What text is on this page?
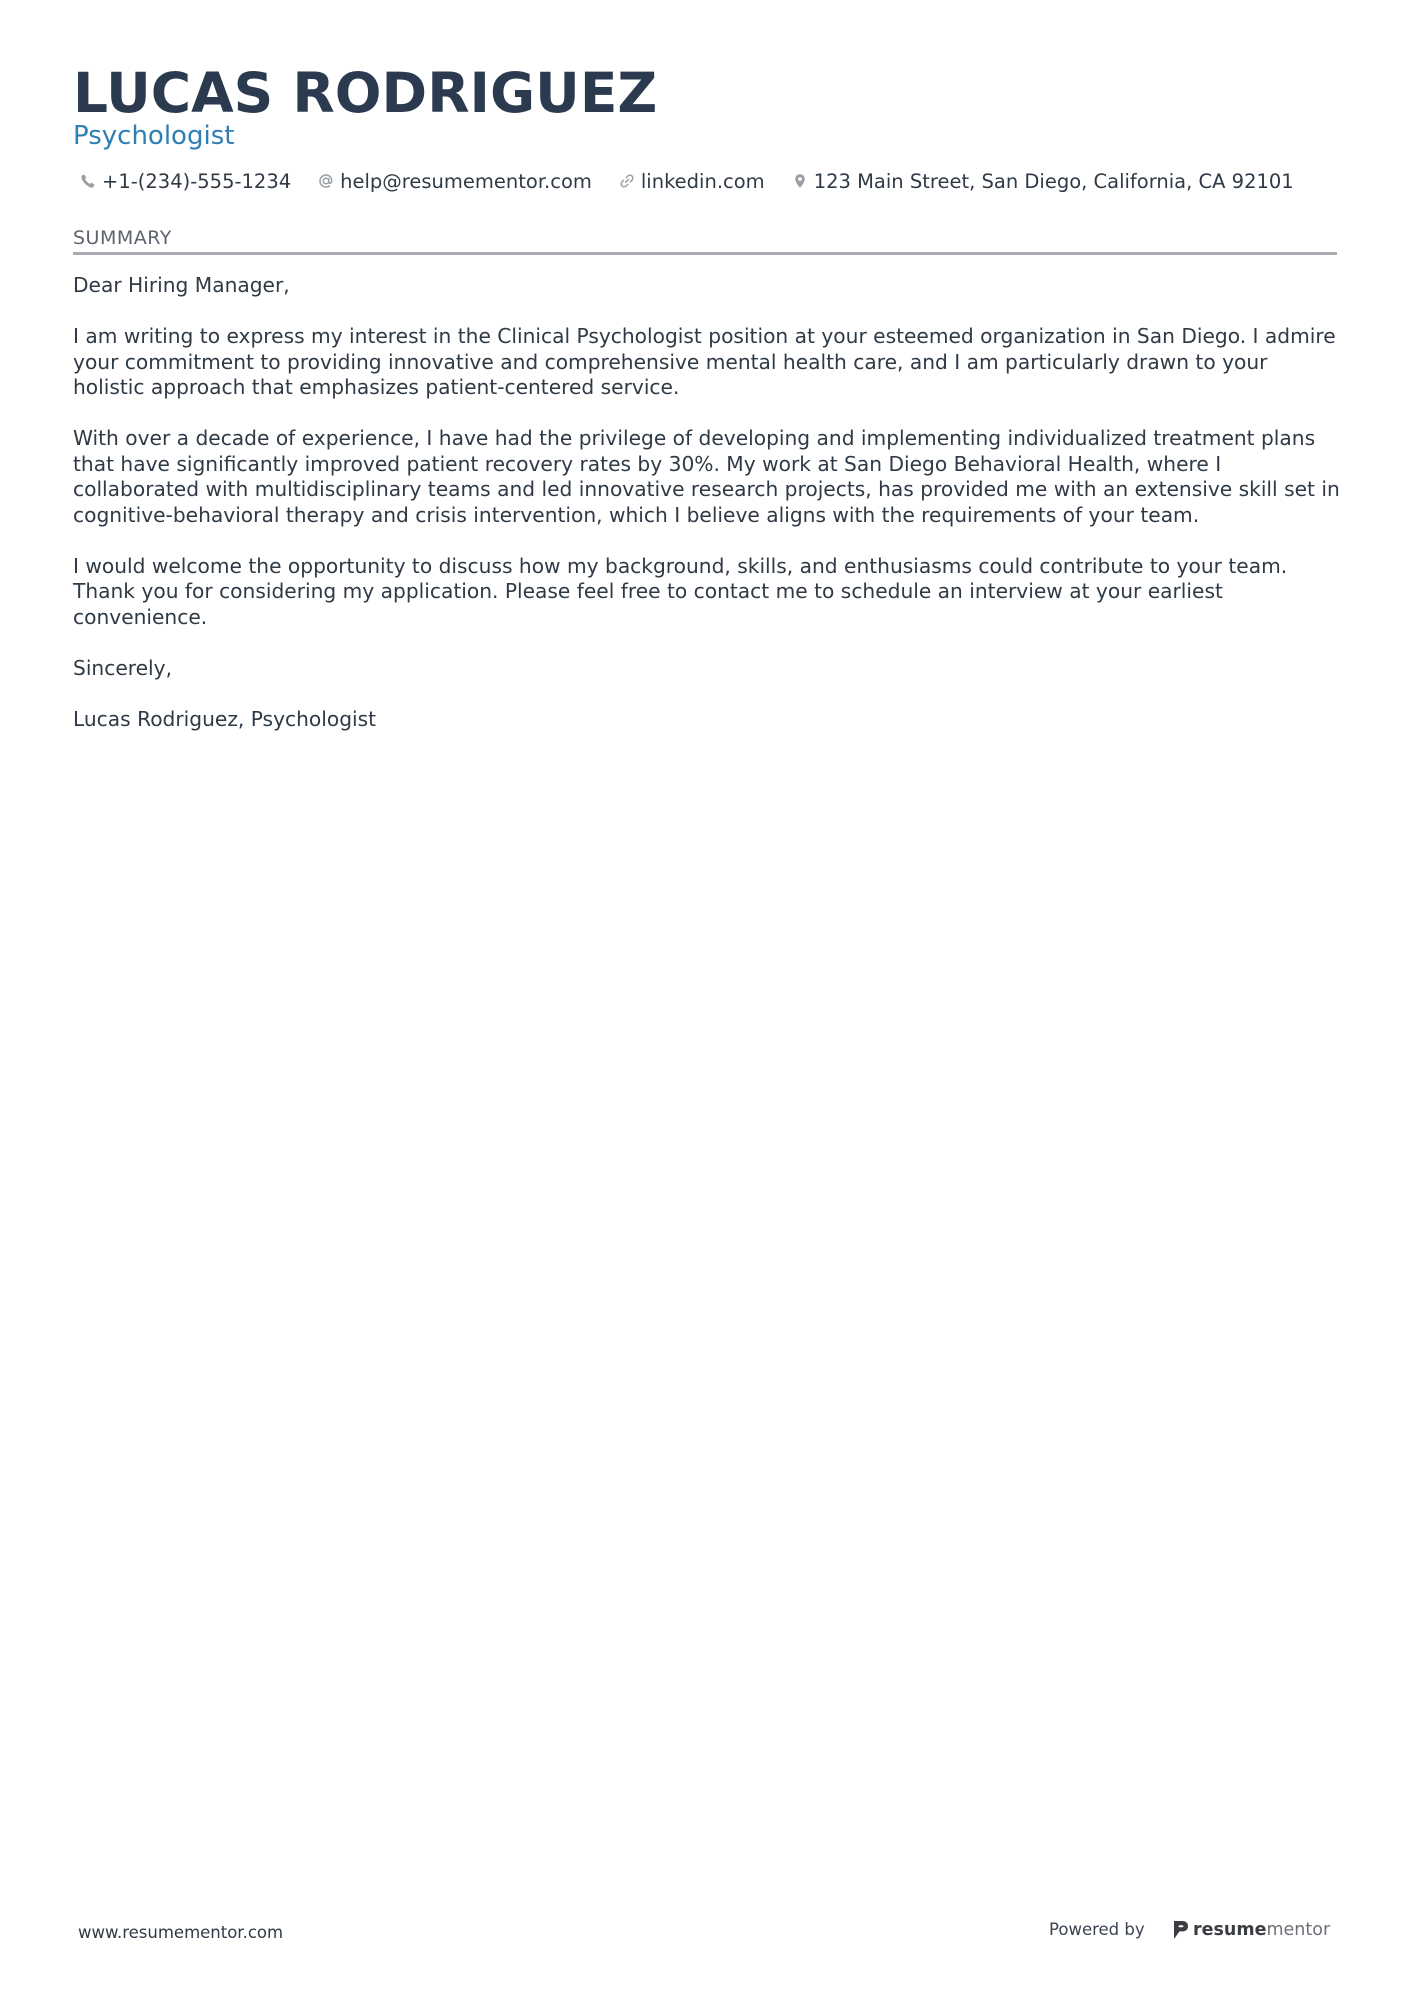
LUCAS RODRIGUEZ
Psychologist
+1-(234)-555-1234	help@resumementor.com	linkedin.com	123 Main Street, San Diego, California, CA 92101
SUMMARY

Dear Hiring Manager,

I am writing to express my interest in the Clinical Psychologist position at your esteemed organization in San Diego. I admire your commitment to providing innovative and comprehensive mental health care, and I am particularly drawn to your holistic approach that emphasizes patient-centered service.

With over a decade of experience, I have had the privilege of developing and implementing individualized treatment plans that have significantly improved patient recovery rates by 30%. My work at San Diego Behavioral Health, where I collaborated with multidisciplinary teams and led innovative research projects, has provided me with an extensive skill set in cognitive-behavioral therapy and crisis intervention, which I believe aligns with the requirements of your team.

I would welcome the opportunity to discuss how my background, skills, and enthusiasms could contribute to your team. Thank you for considering my application. Please feel free to contact me to schedule an interview at your earliest convenience.

Sincerely,

Lucas Rodriguez, Psychologist

www.resumementor.com	Powered by	resume mentor
